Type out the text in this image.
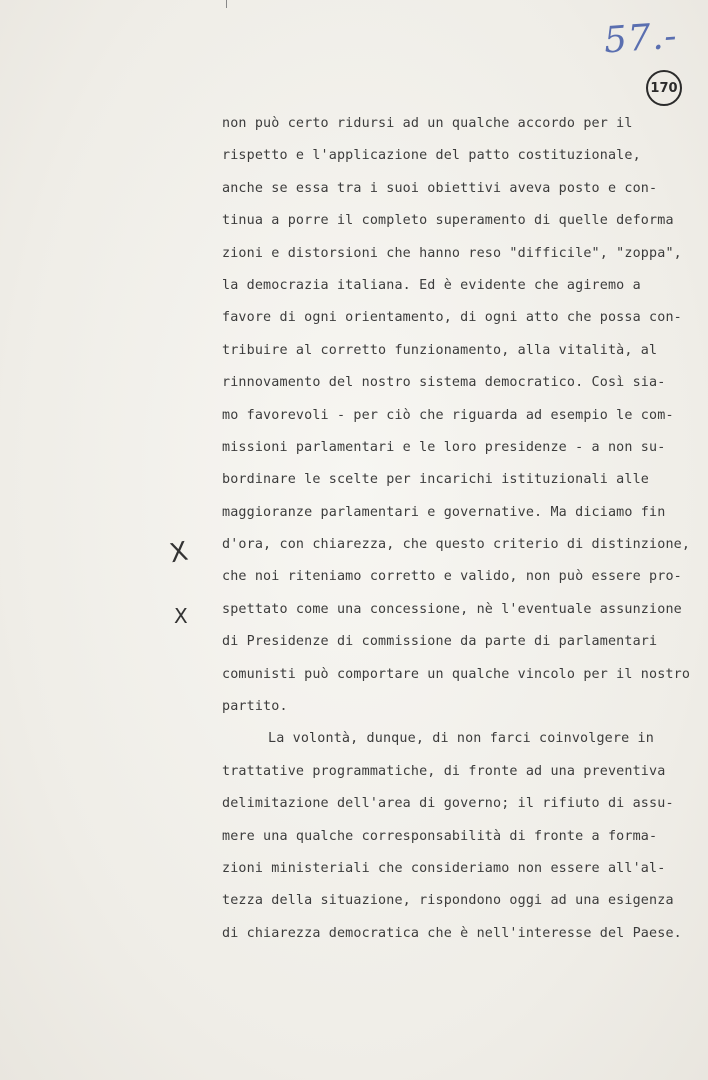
57.-
170
X
X
non può certo ridursi ad un qualche accordo per il
rispetto e l'applicazione del patto costituzionale,
anche se essa tra i suoi obiettivi aveva posto e con-
tinua a porre il completo superamento di quelle deforma
zioni e distorsioni che hanno reso "difficile", "zoppa",
la democrazia italiana. Ed è evidente che agiremo a
favore di ogni orientamento, di ogni atto che possa con-
tribuire al corretto funzionamento, alla vitalità, al
rinnovamento del nostro sistema democratico. Così sia-
mo favorevoli - per ciò che riguarda ad esempio le com-
missioni parlamentari e le loro presidenze - a non su-
bordinare le scelte per incarichi istituzionali alle
maggioranze parlamentari e governative. Ma diciamo fin
d'ora, con chiarezza, che questo criterio di distinzione,
che noi riteniamo corretto e valido, non può essere pro-
spettato come una concessione, nè l'eventuale assunzione
di Presidenze di commissione da parte di parlamentari
comunisti può comportare un qualche vincolo per il nostro
partito.
La volontà, dunque, di non farci coinvolgere in
trattative programmatiche, di fronte ad una preventiva
delimitazione dell'area di governo; il rifiuto di assu-
mere una qualche corresponsabilità di fronte a forma-
zioni ministeriali che consideriamo non essere all'al-
tezza della situazione, rispondono oggi ad una esigenza
di chiarezza democratica che è nell'interesse del Paese.
